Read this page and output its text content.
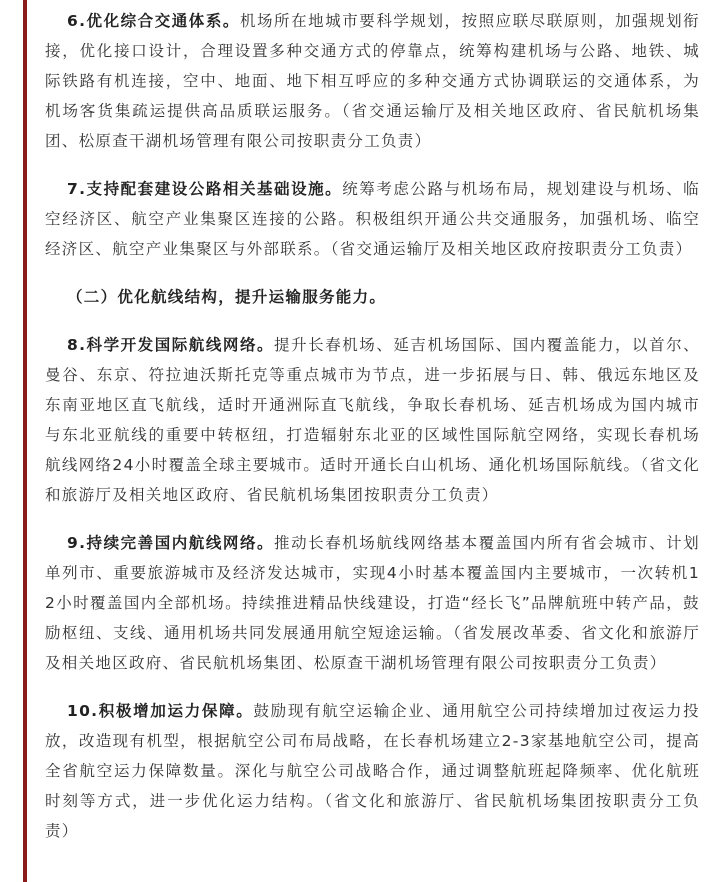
6.优化综合交通体系。机场所在地城市要科学规划，按照应联尽联原则，加强规划衔接，优化接口设计，合理设置多种交通方式的停靠点，统筹构建机场与公路、地铁、城际铁路有机连接，空中、地面、地下相互呼应的多种交通方式协调联运的交通体系，为机场客货集疏运提供高品质联运服务。（省交通运输厅及相关地区政府、省民航机场集团、松原查干湖机场管理有限公司按职责分工负责）

7.支持配套建设公路相关基础设施。统筹考虑公路与机场布局，规划建设与机场、临空经济区、航空产业集聚区连接的公路。积极组织开通公共交通服务，加强机场、临空经济区、航空产业集聚区与外部联系。（省交通运输厅及相关地区政府按职责分工负责）

（二）优化航线结构，提升运输服务能力。

8.科学开发国际航线网络。提升长春机场、延吉机场国际、国内覆盖能力，以首尔、曼谷、东京、符拉迪沃斯托克等重点城市为节点，进一步拓展与日、韩、俄远东地区及东南亚地区直飞航线，适时开通洲际直飞航线，争取长春机场、延吉机场成为国内城市与东北亚航线的重要中转枢纽，打造辐射东北亚的区域性国际航空网络，实现长春机场航线网络24小时覆盖全球主要城市。适时开通长白山机场、通化机场国际航线。（省文化和旅游厅及相关地区政府、省民航机场集团按职责分工负责）

9.持续完善国内航线网络。推动长春机场航线网络基本覆盖国内所有省会城市、计划单列市、重要旅游城市及经济发达城市，实现4小时基本覆盖国内主要城市，一次转机12小时覆盖国内全部机场。持续推进精品快线建设，打造“经长飞”品牌航班中转产品，鼓励枢纽、支线、通用机场共同发展通用航空短途运输。（省发展改革委、省文化和旅游厅及相关地区政府、省民航机场集团、松原查干湖机场管理有限公司按职责分工负责）

10.积极增加运力保障。鼓励现有航空运输企业、通用航空公司持续增加过夜运力投放，改造现有机型，根据航空公司布局战略，在长春机场建立2-3家基地航空公司，提高全省航空运力保障数量。深化与航空公司战略合作，通过调整航班起降频率、优化航班时刻等方式，进一步优化运力结构。（省文化和旅游厅、省民航机场集团按职责分工负责）
